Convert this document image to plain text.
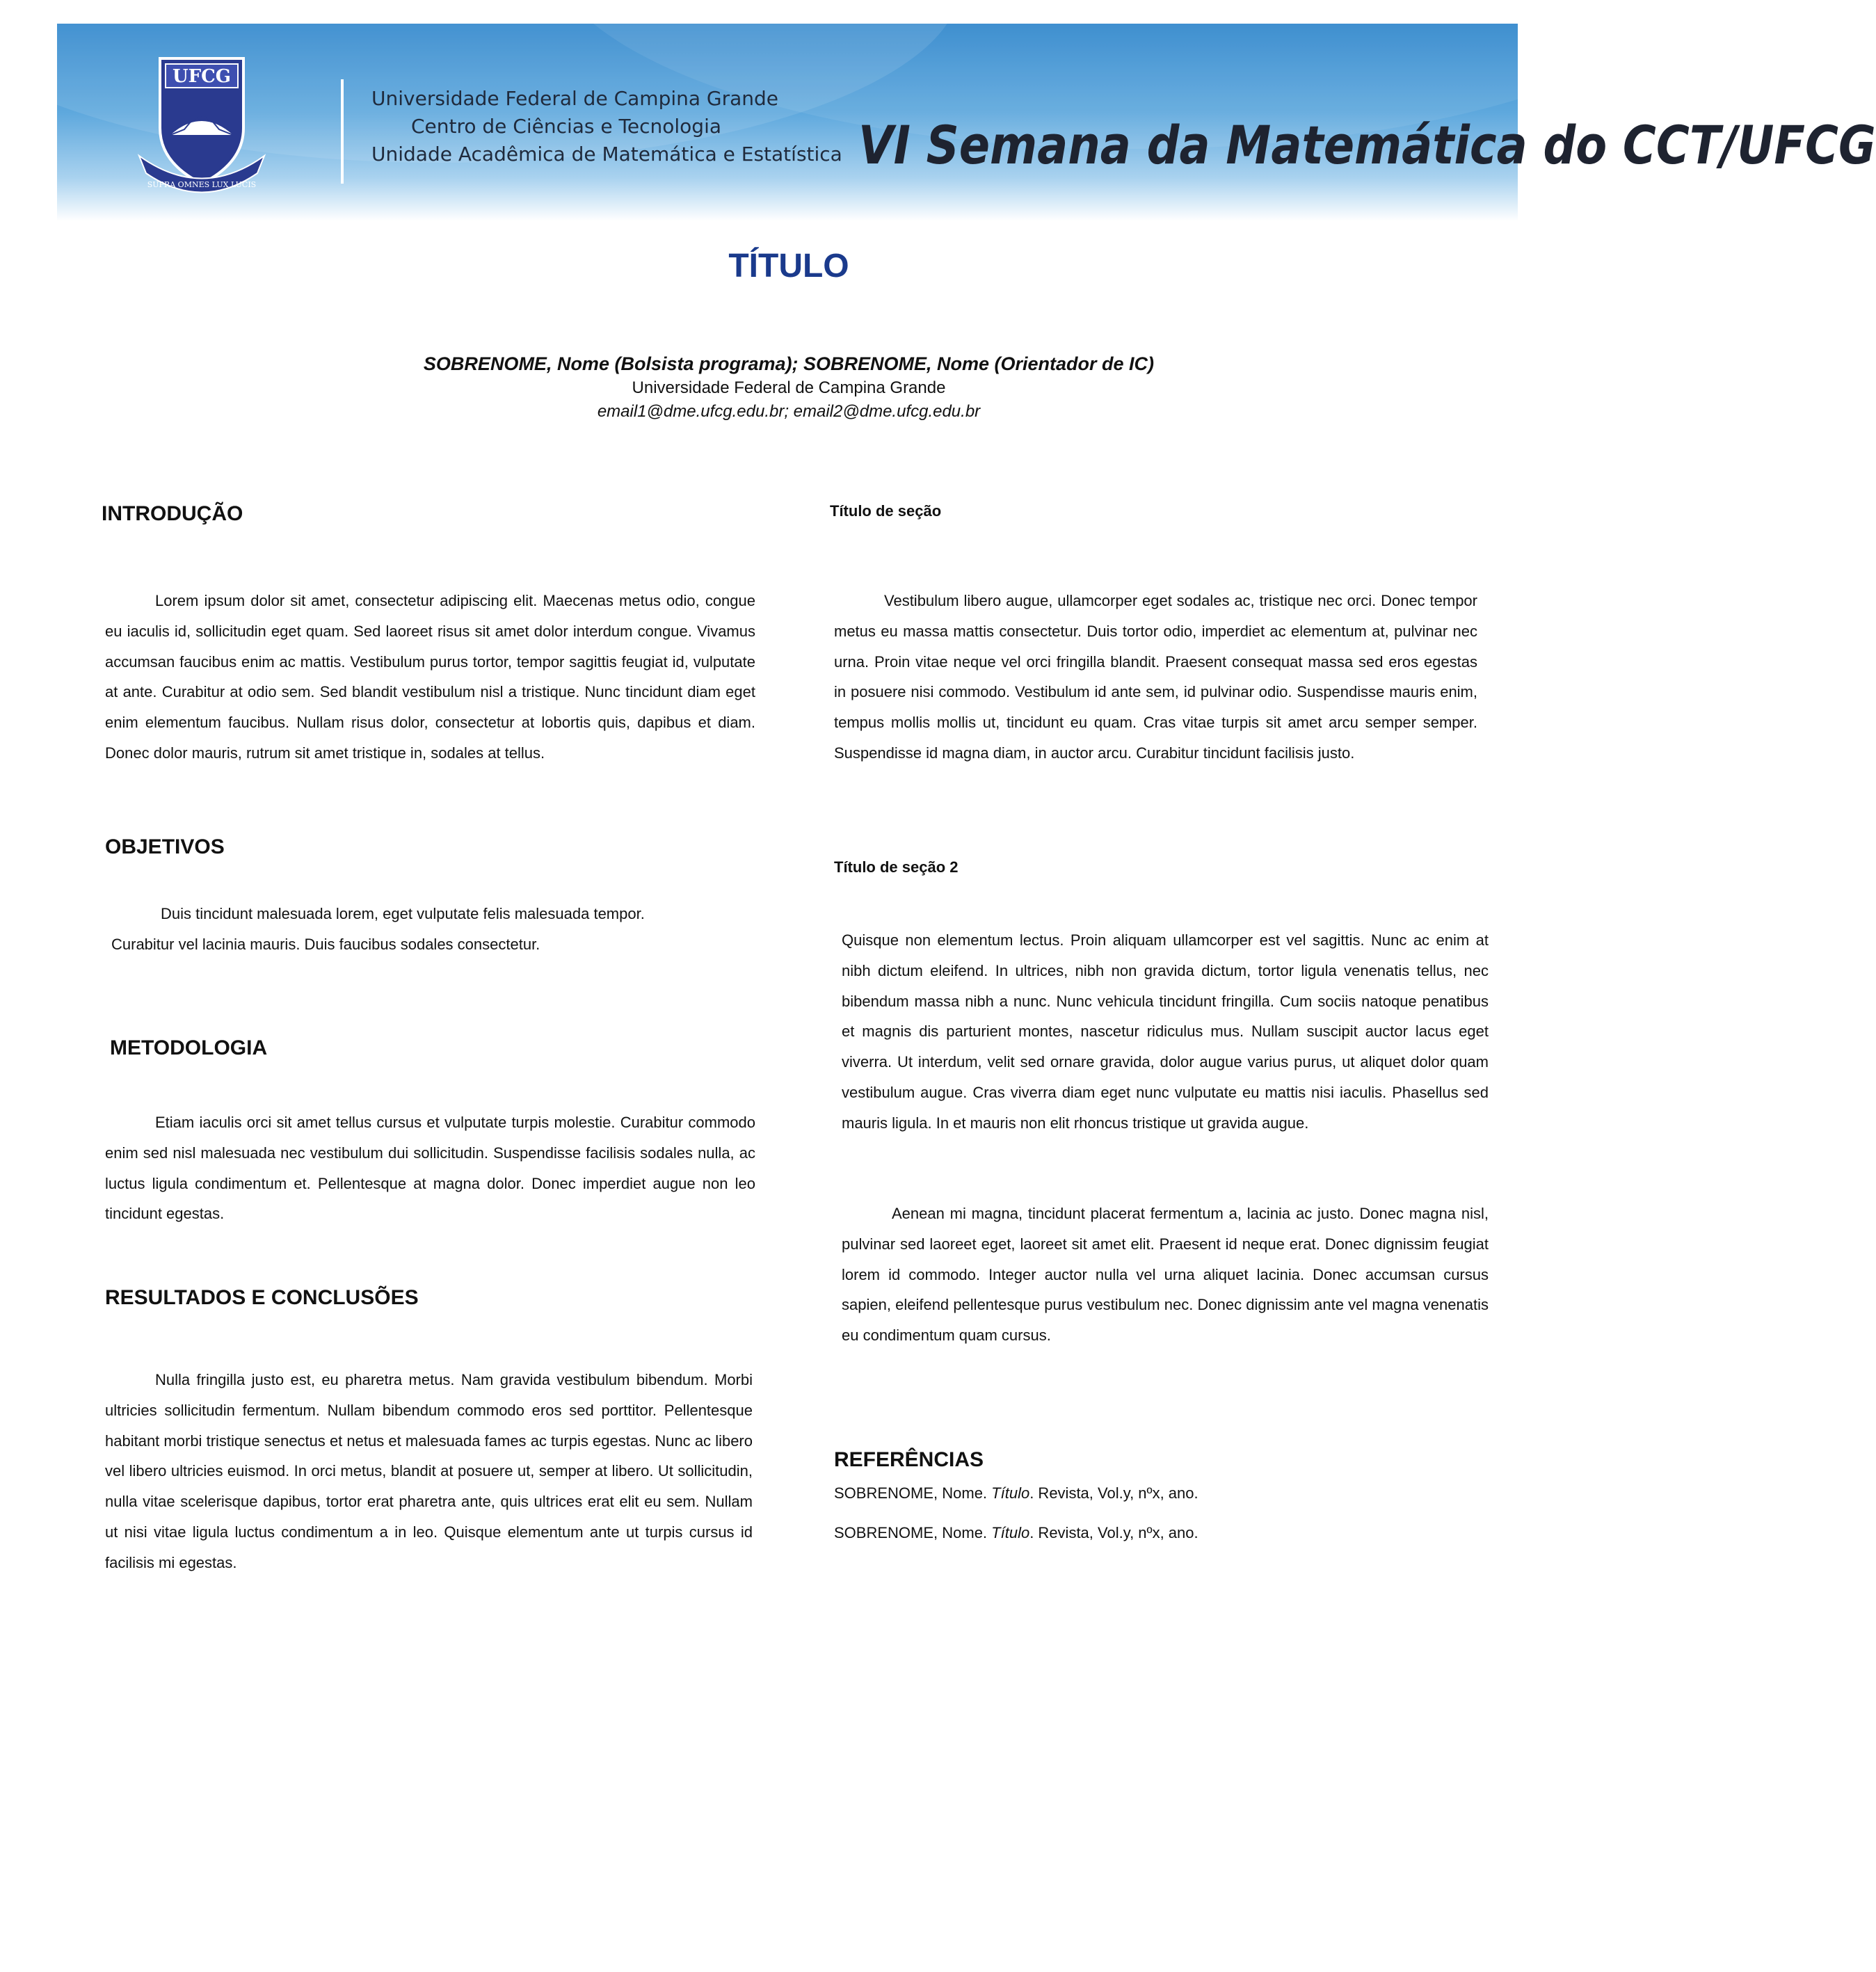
UFCG
SUPRA OMNES LUX LUCIS
Universidade Federal de Campina Grande
Centro de Ciências e Tecnologia
Unidade Acadêmica de Matemática e Estatística VI Semana da Matemática do CCT/UFCG
TÍTULO
SOBRENOME, Nome (Bolsista programa); SOBRENOME, Nome (Orientador de IC)
Universidade Federal de Campina Grande
email1@dme.ufcg.edu.br; email2@dme.ufcg.edu.br
INTRODUÇÃO

Lorem ipsum dolor sit amet, consectetur adipiscing elit. Maecenas metus odio, congue eu iaculis id, sollicitudin eget quam. Sed laoreet risus sit amet dolor interdum congue. Vivamus accumsan faucibus enim ac mattis. Vestibulum purus tortor, tempor sagittis feugiat id, vulputate at ante. Curabitur at odio sem. Sed blandit vestibulum nisl a tristique. Nunc tincidunt diam eget enim elementum faucibus. Nullam risus dolor, consectetur at lobortis quis, dapibus et diam. Donec dolor mauris, rutrum sit amet tristique in, sodales at tellus.

OBJETIVOS

Duis tincidunt malesuada lorem, eget vulputate felis malesuada tempor.

Curabitur vel lacinia mauris. Duis faucibus sodales consectetur.

METODOLOGIA

Etiam iaculis orci sit amet tellus cursus et vulputate turpis molestie. Curabitur commodo enim sed nisl malesuada nec vestibulum dui sollicitudin. Suspendisse facilisis sodales nulla, ac luctus ligula condimentum et. Pellentesque at magna dolor. Donec imperdiet augue non leo tincidunt egestas.

RESULTADOS E CONCLUSÕES

Nulla fringilla justo est, eu pharetra metus. Nam gravida vestibulum bibendum. Morbi ultricies sollicitudin fermentum. Nullam bibendum commodo eros sed porttitor. Pellentesque habitant morbi tristique senectus et netus et malesuada fames ac turpis egestas. Nunc ac libero vel libero ultricies euismod. In orci metus, blandit at posuere ut, semper at libero. Ut sollicitudin, nulla vitae scelerisque dapibus, tortor erat pharetra ante, quis ultrices erat elit eu sem. Nullam ut nisi vitae ligula luctus condimentum a in leo. Quisque elementum ante ut turpis cursus id facilisis mi egestas.

Título de seção

Vestibulum libero augue, ullamcorper eget sodales ac, tristique nec orci. Donec tempor metus eu massa mattis consectetur. Duis tortor odio, imperdiet ac elementum at, pulvinar nec urna. Proin vitae neque vel orci fringilla blandit. Praesent consequat massa sed eros egestas in posuere nisi commodo. Vestibulum id ante sem, id pulvinar odio. Suspendisse mauris enim, tempus mollis mollis ut, tincidunt eu quam. Cras vitae turpis sit amet arcu semper semper. Suspendisse id magna diam, in auctor arcu. Curabitur tincidunt facilisis justo.

Título de seção 2

Quisque non elementum lectus. Proin aliquam ullamcorper est vel sagittis. Nunc ac enim at nibh dictum eleifend. In ultrices, nibh non gravida dictum, tortor ligula venenatis tellus, nec bibendum massa nibh a nunc. Nunc vehicula tincidunt fringilla. Cum sociis natoque penatibus et magnis dis parturient montes, nascetur ridiculus mus. Nullam suscipit auctor lacus eget viverra. Ut interdum, velit sed ornare gravida, dolor augue varius purus, ut aliquet dolor quam vestibulum augue. Cras viverra diam eget nunc vulputate eu mattis nisi iaculis. Phasellus sed mauris ligula. In et mauris non elit rhoncus tristique ut gravida augue.

Aenean mi magna, tincidunt placerat fermentum a, lacinia ac justo. Donec magna nisl, pulvinar sed laoreet eget, laoreet sit amet elit. Praesent id neque erat. Donec dignissim feugiat lorem id commodo. Integer auctor nulla vel urna aliquet lacinia. Donec accumsan cursus sapien, eleifend pellentesque purus vestibulum nec. Donec dignissim ante vel magna venenatis eu condimentum quam cursus.

REFERÊNCIAS

SOBRENOME, Nome. Título. Revista, Vol.y, nºx, ano.

SOBRENOME, Nome. Título. Revista, Vol.y, nºx, ano.
